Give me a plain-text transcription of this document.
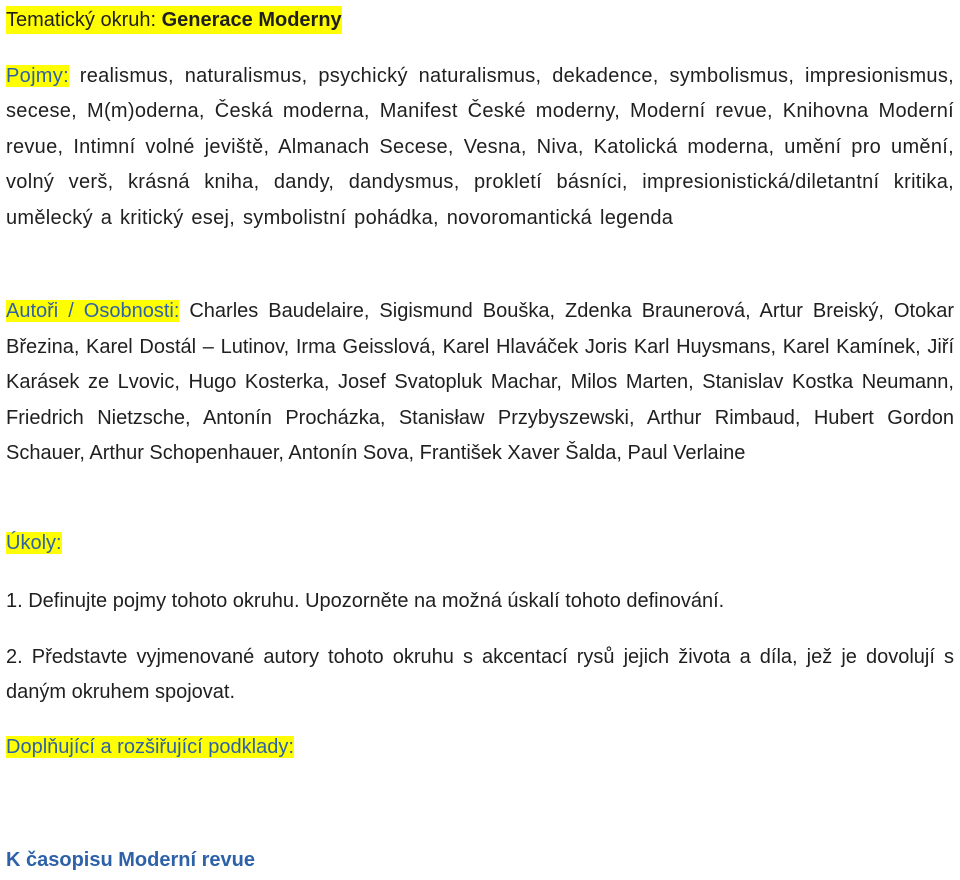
Tematický okruh: Generace Moderny
Pojmy: realismus, naturalismus, psychický naturalismus, dekadence, symbolismus, impresionismus, secese, M(m)oderna, Česká moderna, Manifest České moderny, Moderní revue, Knihovna Moderní revue, Intimní volné jeviště, Almanach Secese, Vesna, Niva, Katolická moderna, umění pro umění, volný verš, krásná kniha, dandy, dandysmus, prokletí básníci, impresionistická/diletantní kritika, umělecký a kritický esej, symbolistní pohádka, novoromantická legenda
Autoři / Osobnosti: Charles Baudelaire, Sigismund Bouška, Zdenka Braunerová, Artur Breiský, Otokar Březina, Karel Dostál – Lutinov, Irma Geisslová, Karel Hlaváček Joris Karl Huysmans, Karel Kamínek, Jiří Karásek ze Lvovic, Hugo Kosterka, Josef Svatopluk Machar, Milos Marten, Stanislav Kostka Neumann, Friedrich Nietzsche, Antonín Procházka, Stanisław Przybyszewski, Arthur Rimbaud, Hubert Gordon Schauer, Arthur Schopenhauer, Antonín Sova, František Xaver Šalda, Paul Verlaine
Úkoly:
1. Definujte pojmy tohoto okruhu. Upozorněte na možná úskalí tohoto definování.
2. Představte vyjmenované autory tohoto okruhu s akcentací rysů jejich života a díla, jež je dovolují s daným okruhem spojovat.
Doplňující a rozšiřující podklady:
K časopisu Moderní revue
